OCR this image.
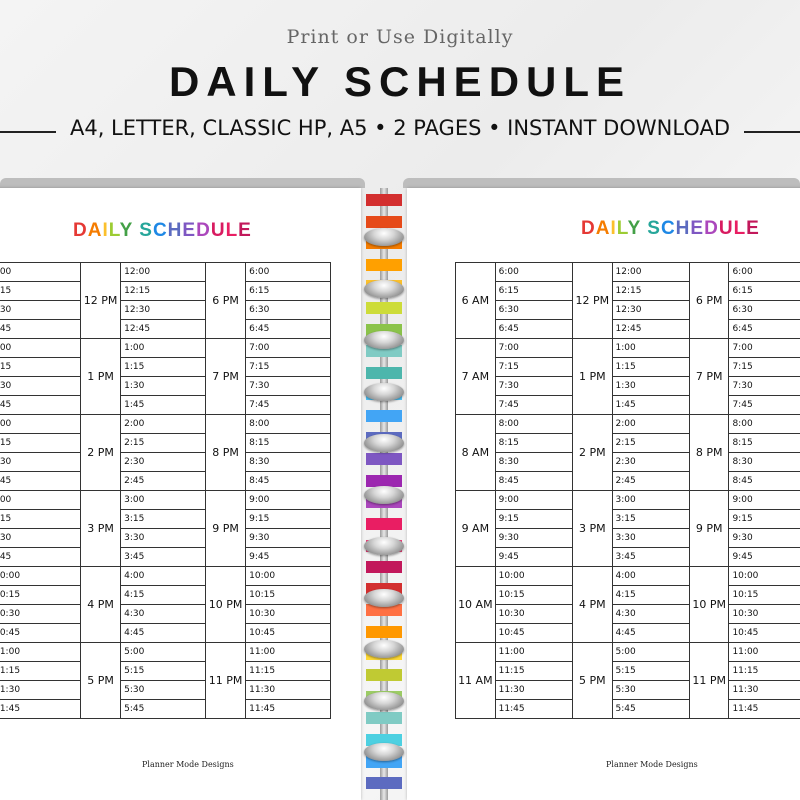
Print or Use Digitally
DAILY SCHEDULE
A4, LETTER, CLASSIC HP, A5 • 2 PAGES • INSTANT DOWNLOAD
DAILY SCHEDULE
	00	12 PM	12:00	6 PM	6:00
	15		12:15		6:15
	30		12:30		6:30
	45		12:45		6:45
	00	1 PM	1:00	7 PM	7:00
	15		1:15		7:15
	30		1:30		7:30
	45		1:45		7:45
	00	2 PM	2:00	8 PM	8:00
	15		2:15		8:15
	30		2:30		8:30
	45		2:45		8:45
	00	3 PM	3:00	9 PM	9:00
	15		3:15		9:15
	30		3:30		9:30
	45		3:45		9:45
	0:00	4 PM	4:00	10 PM	10:00
	0:15		4:15		10:15
	0:30		4:30		10:30
	0:45		4:45		10:45
	1:00	5 PM	5:00	11 PM	11:00
	1:15		5:15		11:15
	1:30		5:30		11:30
	1:45		5:45		11:45
Planner Mode Designs
DAILY SCHEDULE
6 AM	6:00	12 PM	12:00	6 PM	6:00
	6:15		12:15		6:15
	6:30		12:30		6:30
	6:45		12:45		6:45
7 AM	7:00	1 PM	1:00	7 PM	7:00
	7:15		1:15		7:15
	7:30		1:30		7:30
	7:45		1:45		7:45
8 AM	8:00	2 PM	2:00	8 PM	8:00
	8:15		2:15		8:15
	8:30		2:30		8:30
	8:45		2:45		8:45
9 AM	9:00	3 PM	3:00	9 PM	9:00
	9:15		3:15		9:15
	9:30		3:30		9:30
	9:45		3:45		9:45
10 AM	10:00	4 PM	4:00	10 PM	10:00
	10:15		4:15		10:15
	10:30		4:30		10:30
	10:45		4:45		10:45
11 AM	11:00	5 PM	5:00	11 PM	11:00
	11:15		5:15		11:15
	11:30		5:30		11:30
	11:45		5:45		11:45
Planner Mode Designs
